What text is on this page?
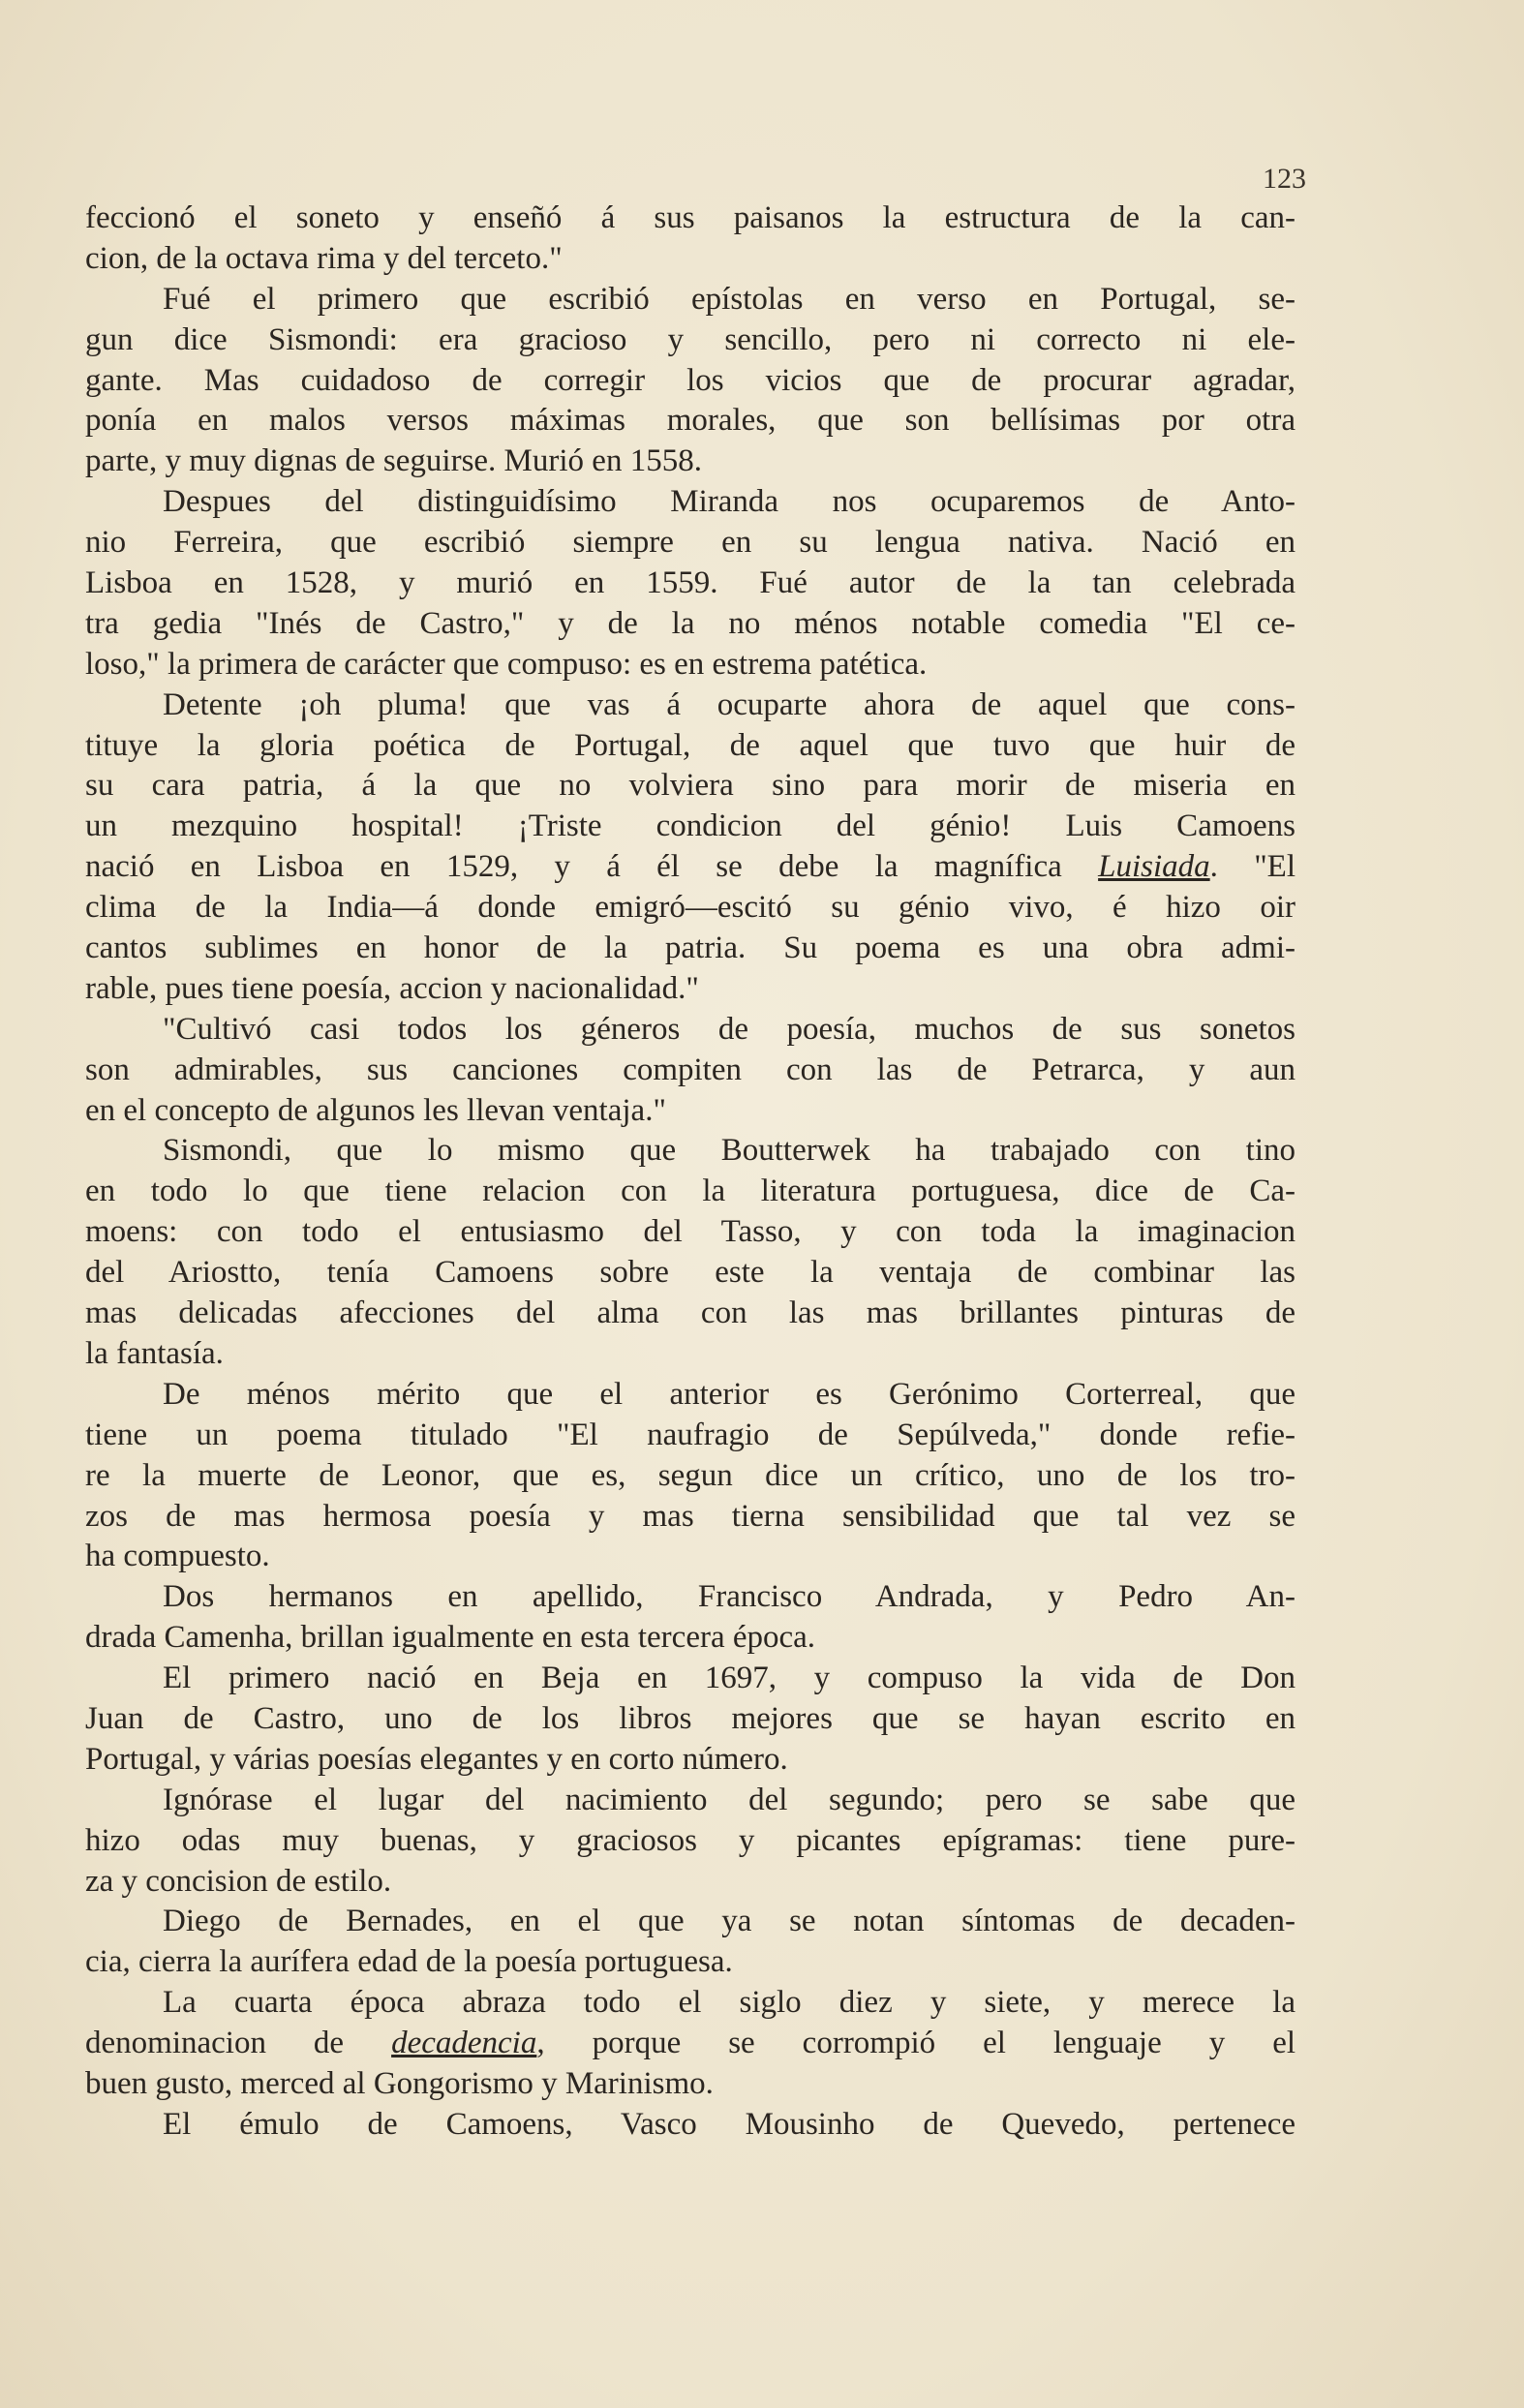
123
feccionó el soneto y enseñó á sus paisanos la estructura de la can-
cion, de la octava rima y del terceto."
Fué el primero que escribió epístolas en verso en Portugal, se-
gun dice Sismondi: era gracioso y sencillo, pero ni correcto ni ele-
gante. Mas cuidadoso de corregir los vicios que de procurar agradar,
ponía en malos versos máximas morales, que son bellísimas por otra
parte, y muy dignas de seguirse. Murió en 1558.
Despues del distinguidísimo Miranda nos ocuparemos de Anto-
nio Ferreira, que escribió siempre en su lengua nativa. Nació en
Lisboa en 1528, y murió en 1559. Fué autor de la tan celebrada
tra gedia "Inés de Castro," y de la no ménos notable comedia "El ce-
loso," la primera de carácter que compuso: es en estrema patética.
Detente ¡oh pluma! que vas á ocuparte ahora de aquel que cons-
tituye la gloria poética de Portugal, de aquel que tuvo que huir de
su cara patria, á la que no volviera sino para morir de miseria en
un mezquino hospital! ¡Triste condicion del génio! Luis Camoens
nació en Lisboa en 1529, y á él se debe la magnífica Luisiada. "El
clima de la India—á donde emigró—escitó su génio vivo, é hizo oir
cantos sublimes en honor de la patria. Su poema es una obra admi-
rable, pues tiene poesía, accion y nacionalidad."
"Cultivó casi todos los géneros de poesía, muchos de sus sonetos
son admirables, sus canciones compiten con las de Petrarca, y aun
en el concepto de algunos les llevan ventaja."
Sismondi, que lo mismo que Boutterwek ha trabajado con tino
en todo lo que tiene relacion con la literatura portuguesa, dice de Ca-
moens: con todo el entusiasmo del Tasso, y con toda la imaginacion
del Ariostto, tenía Camoens sobre este la ventaja de combinar las
mas delicadas afecciones del alma con las mas brillantes pinturas de
la fantasía.
De ménos mérito que el anterior es Gerónimo Corterreal, que
tiene un poema titulado "El naufragio de Sepúlveda," donde refie-
re la muerte de Leonor, que es, segun dice un crítico, uno de los tro-
zos de mas hermosa poesía y mas tierna sensibilidad que tal vez se
ha compuesto.
Dos hermanos en apellido, Francisco Andrada, y Pedro An-
drada Camenha, brillan igualmente en esta tercera época.
El primero nació en Beja en 1697, y compuso la vida de Don
Juan de Castro, uno de los libros mejores que se hayan escrito en
Portugal, y várias poesías elegantes y en corto número.
Ignórase el lugar del nacimiento del segundo; pero se sabe que
hizo odas muy buenas, y graciosos y picantes epígramas: tiene pure-
za y concision de estilo.
Diego de Bernades, en el que ya se notan síntomas de decaden-
cia, cierra la aurífera edad de la poesía portuguesa.
La cuarta época abraza todo el siglo diez y siete, y merece la
denominacion de decadencia, porque se corrompió el lenguaje y el
buen gusto, merced al Gongorismo y Marinismo.
El émulo de Camoens, Vasco Mousinho de Quevedo, pertenece
